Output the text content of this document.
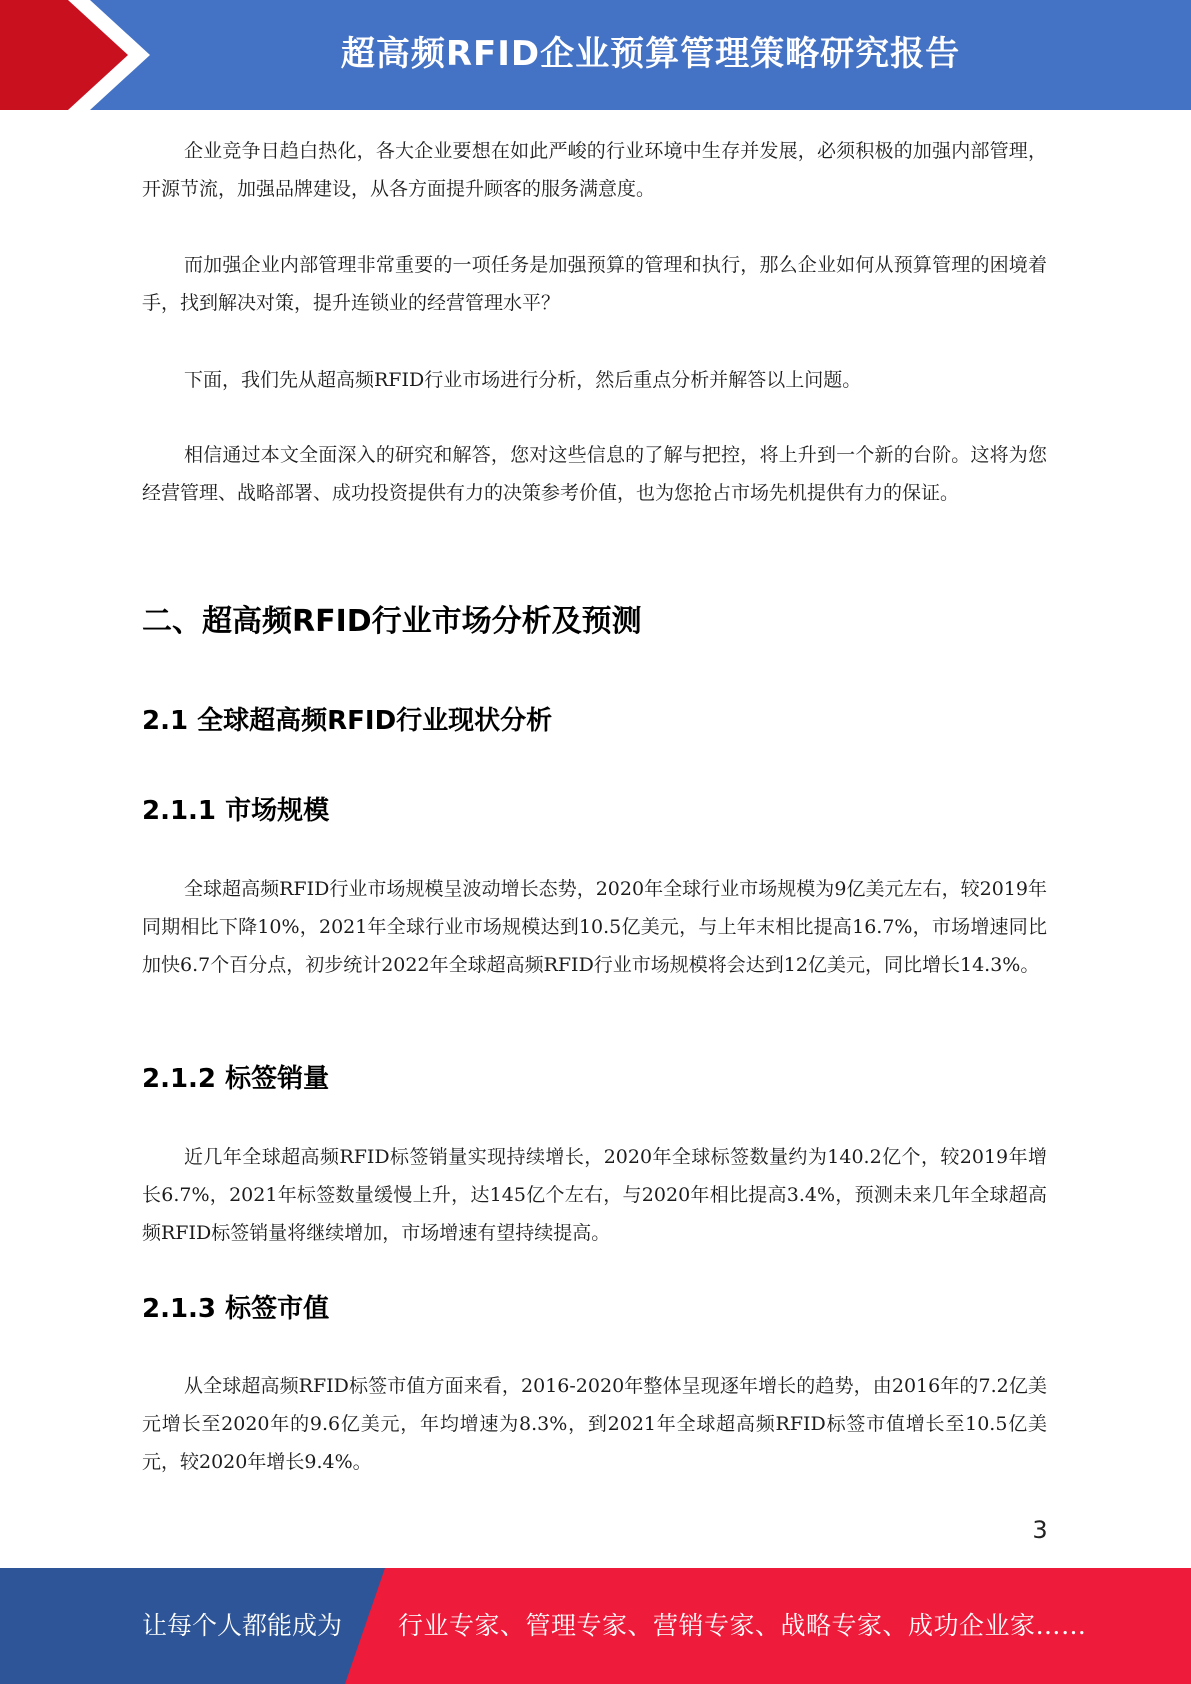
超高频RFID企业预算管理策略研究报告

企业竞争日趋白热化，各大企业要想在如此严峻的行业环境中生存并发展，必须积极的加强内部管理，开源节流，加强品牌建设，从各方面提升顾客的服务满意度。

而加强企业内部管理非常重要的一项任务是加强预算的管理和执行，那么企业如何从预算管理的困境着手，找到解决对策，提升连锁业的经营管理水平？

下面，我们先从超高频RFID行业市场进行分析，然后重点分析并解答以上问题。

相信通过本文全面深入的研究和解答，您对这些信息的了解与把控，将上升到一个新的台阶。这将为您经营管理、战略部署、成功投资提供有力的决策参考价值，也为您抢占市场先机提供有力的保证。

二、超高频RFID行业市场分析及预测
2.1 全球超高频RFID行业现状分析
2.1.1 市场规模

全球超高频RFID行业市场规模呈波动增长态势，2020年全球行业市场规模为9亿美元左右，较2019年同期相比下降10%，2021年全球行业市场规模达到10.5亿美元，与上年末相比提高16.7%，市场增速同比加快6.7个百分点，初步统计2022年全球超高频RFID行业市场规模将会达到12亿美元，同比增长14.3%。

2.1.2 标签销量

近几年全球超高频RFID标签销量实现持续增长，2020年全球标签数量约为140.2亿个，较2019年增长6.7%，2021年标签数量缓慢上升，达145亿个左右，与2020年相比提高3.4%，预测未来几年全球超高频RFID标签销量将继续增加，市场增速有望持续提高。

2.1.3 标签市值

从全球超高频RFID标签市值方面来看，2016-2020年整体呈现逐年增长的趋势，由2016年的7.2亿美元增长至2020年的9.6亿美元，年均增速为8.3%，到2021年全球超高频RFID标签市值增长至10.5亿美元，较2020年增长9.4%。

3
让每个人都能成为 行业专家、管理专家、营销专家、战略专家、成功企业家……
